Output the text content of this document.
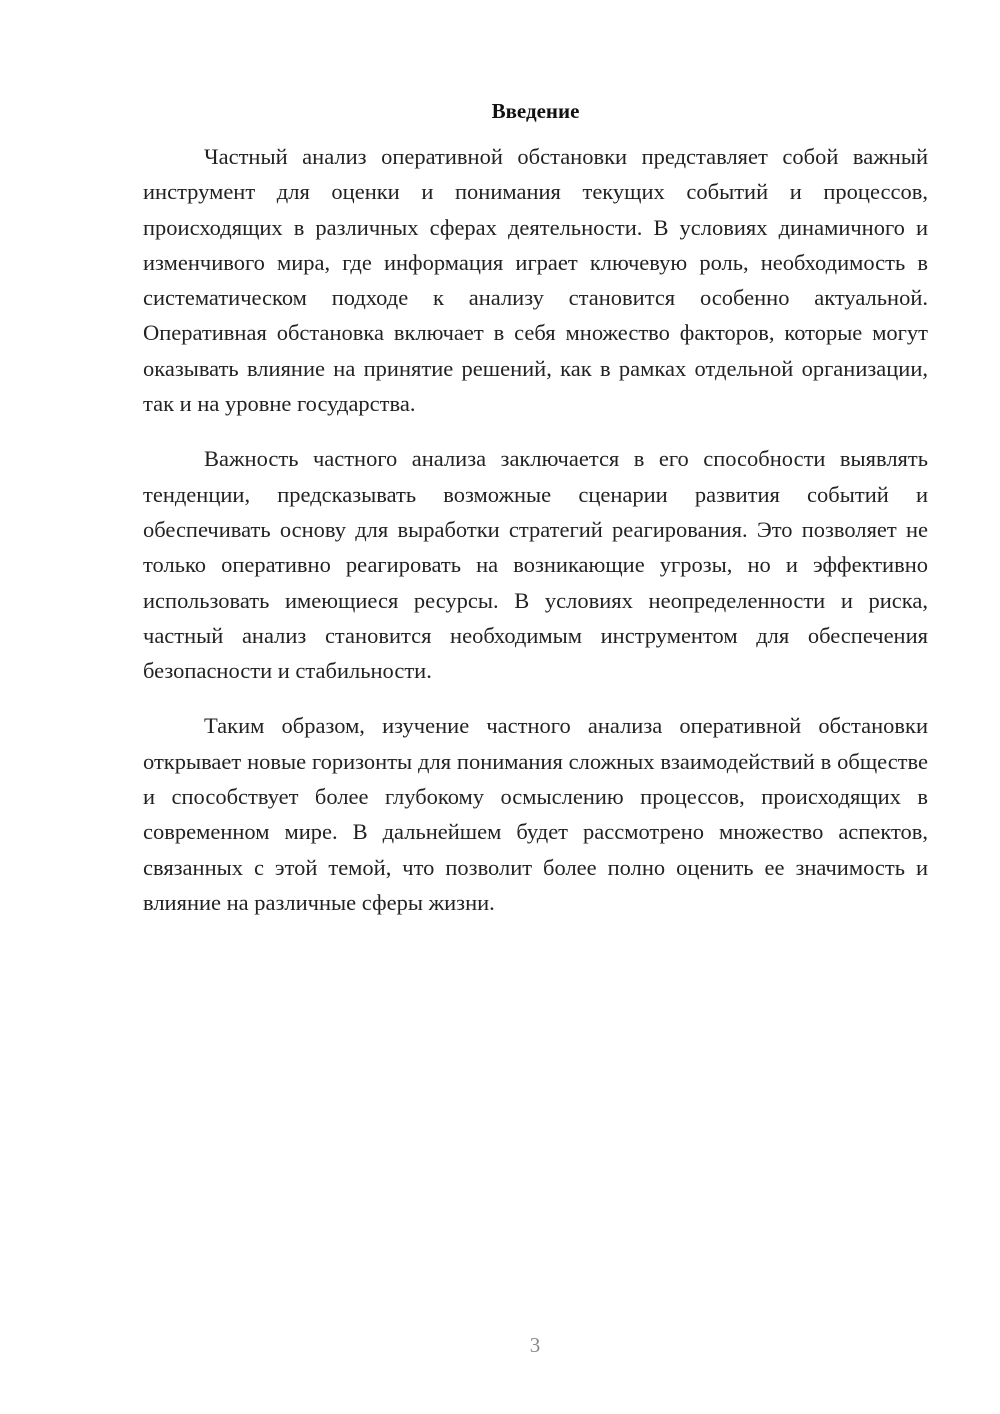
Введение

Частный анализ оперативной обстановки представляет собой важный инструмент для оценки и понимания текущих событий и процессов, происходящих в различных сферах деятельности. В условиях динамичного и изменчивого мира, где информация играет ключевую роль, необходимость в систематическом подходе к анализу становится особенно актуальной. Оперативная обстановка включает в себя множество факторов, которые могут оказывать влияние на принятие решений, как в рамках отдельной организации, так и на уровне государства.

Важность частного анализа заключается в его способности выявлять тенденции, предсказывать возможные сценарии развития событий и обеспечивать основу для выработки стратегий реагирования. Это позволяет не только оперативно реагировать на возникающие угрозы, но и эффективно использовать имеющиеся ресурсы. В условиях неопределенности и риска, частный анализ становится необходимым инструментом для обеспечения безопасности и стабильности.

Таким образом, изучение частного анализа оперативной обстановки открывает новые горизонты для понимания сложных взаимодействий в обществе и способствует более глубокому осмыслению процессов, происходящих в современном мире. В дальнейшем будет рассмотрено множество аспектов, связанных с этой темой, что позволит более полно оценить ее значимость и влияние на различные сферы жизни.

3
